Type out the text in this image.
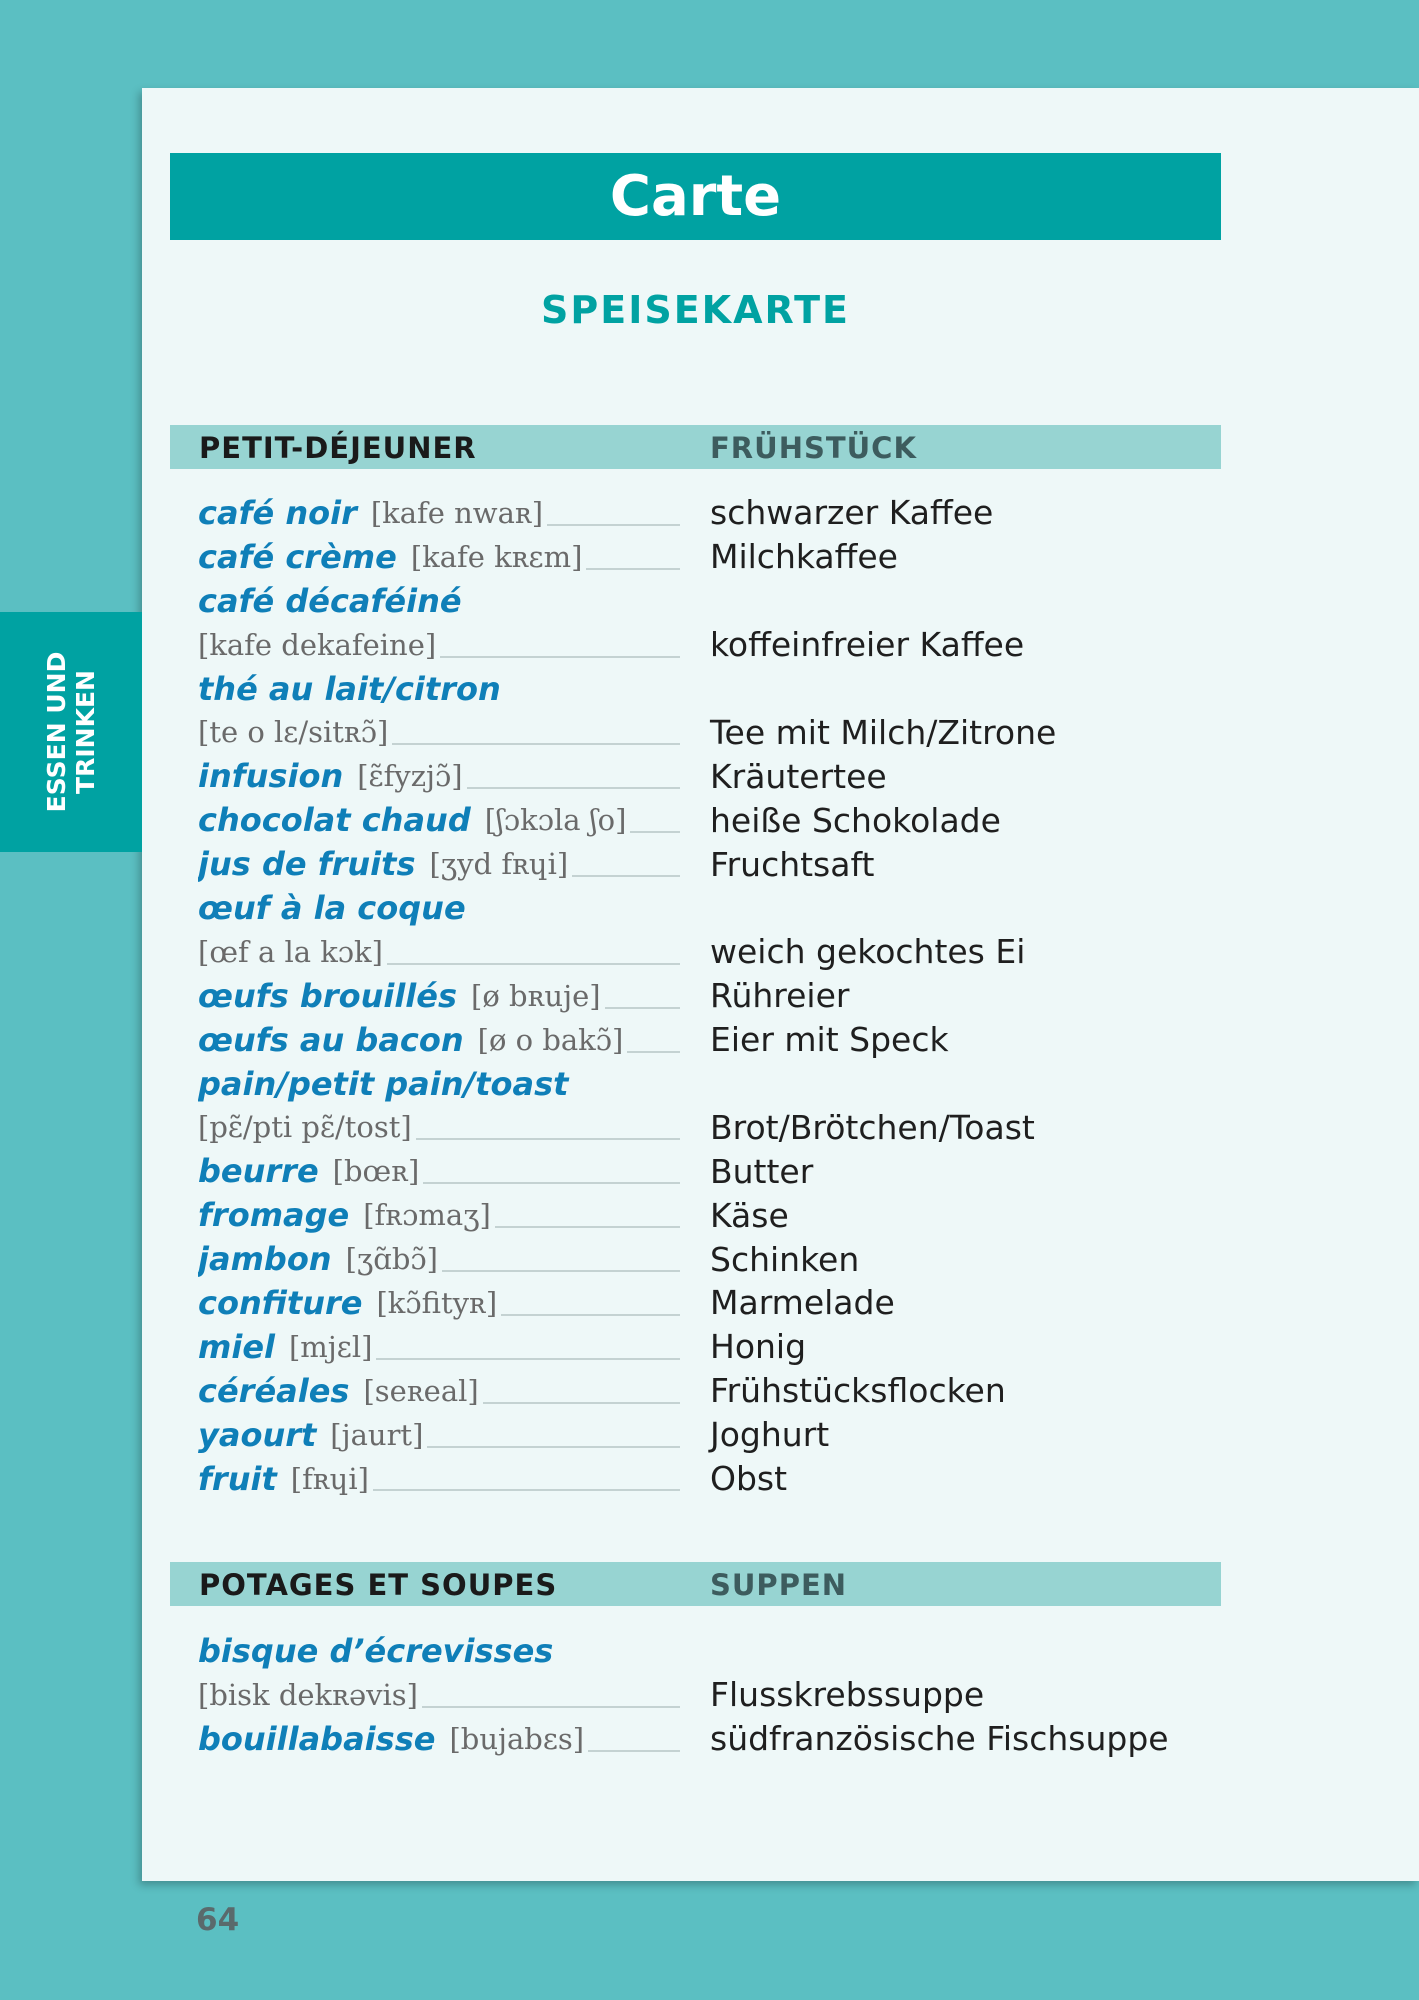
ESSEN UND TRINKEN
Carte
SPEISEKARTE
PETIT-DÉJEUNER	FRÜHSTÜCK
café noir [kafe nwaʀ]	schwarzer Kaffee
café crème [kafe kʀɛm]	Milchkaffee
café décaféiné
[kafe dekafeine]	koffeinfreier Kaffee
thé au lait/citron
[te o lɛ/sitʀɔ̃]	Tee mit Milch/Zitrone
infusion [ɛ̃fyzjɔ̃]	Kräutertee
chocolat chaud [ʃɔkɔla ʃo]	heiße Schokolade
jus de fruits [ʒyd fʀɥi]	Fruchtsaft
œuf à la coque
[œf a la kɔk]	weich gekochtes Ei
œufs brouillés [ø bʀuje]	Rühreier
œufs au bacon [ø o bakɔ̃]	Eier mit Speck
pain/petit pain/toast
[pɛ̃/pti pɛ̃/tost]	Brot/Brötchen/Toast
beurre [bœʀ]	Butter
fromage [fʀɔmaʒ]	Käse
jambon [ʒɑ̃bɔ̃]	Schinken
confiture [kɔ̃fityʀ]	Marmelade
miel [mjɛl]	Honig
céréales [seʀeal]	Frühstücksflocken
yaourt [jaurt]	Joghurt
fruit [fʀɥi]	Obst
POTAGES ET SOUPES	SUPPEN
bisque d’écrevisses
[bisk dekʀəvis]	Flusskrebssuppe
bouillabaisse [bujabɛs]	südfranzösische Fischsuppe
64
